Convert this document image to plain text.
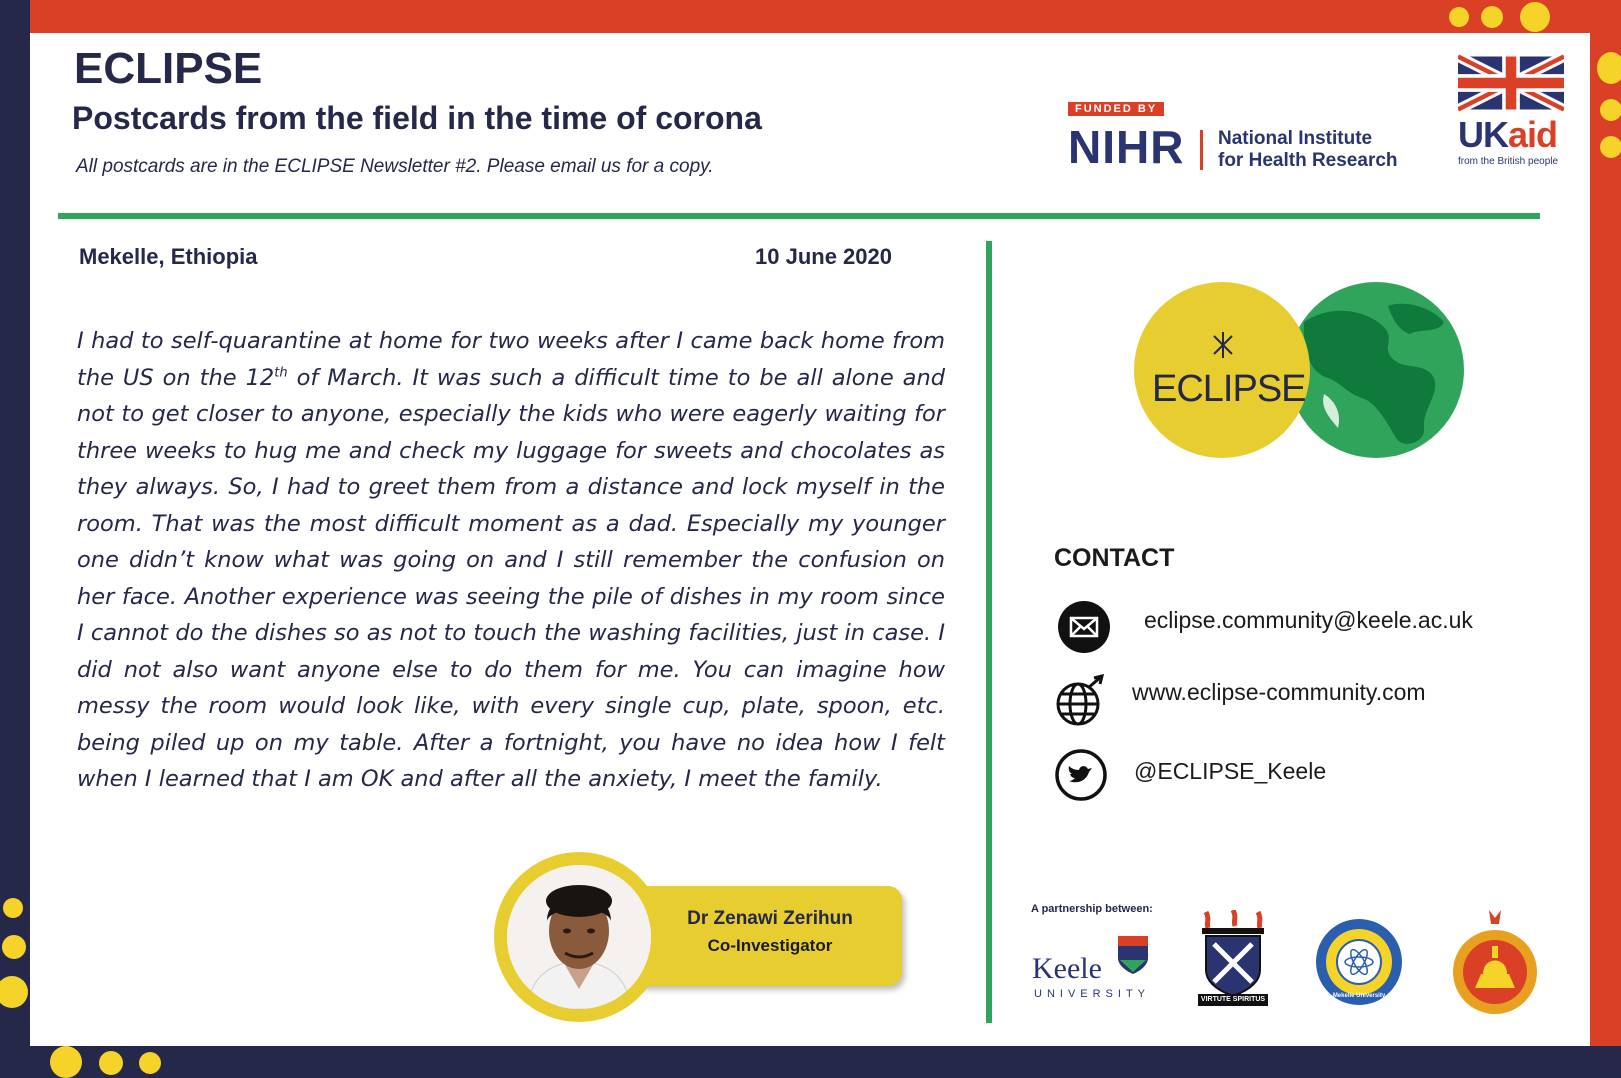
ECLIPSE
Postcards from the field in the time of corona

All postcards are in the ECLIPSE Newsletter #2. Please email us for a copy.

FUNDED BY
NIHR National Institute
for Health Research
UKaid
from the British people
Mekelle, Ethiopia	10 June 2020

I had to self-quarantine at home for two weeks after I came back home from the US on the 12th of March. It was such a difficult time to be all alone and not to get closer to anyone, especially the kids who were eagerly waiting for three weeks to hug me and check my luggage for sweets and chocolates as they always. So, I had to greet them from a distance and lock myself in the room. That was the most difficult moment as a dad. Especially my younger one didn’t know what was going on and I still remember the confusion on her face. Another experience was seeing the pile of dishes in my room since I cannot do the dishes so as not to touch the washing facilities, just in case. I did not also want anyone else to do them for me. You can imagine how messy the room would look like, with every single cup, plate, spoon, etc. being piled up on my table. After a fortnight, you have no idea how I felt when I learned that I am OK and after all the anxiety, I meet the family.

Dr Zenawi Zerihun
Co-Investigator
ECLIPSE
CONTACT
eclipse.community@keele.ac.uk
www.eclipse-community.com
@ECLIPSE_Keele
A partnership between:
Keele
UNIVERSITY	VIRTUTE SPIRITUS	Mekelle University
